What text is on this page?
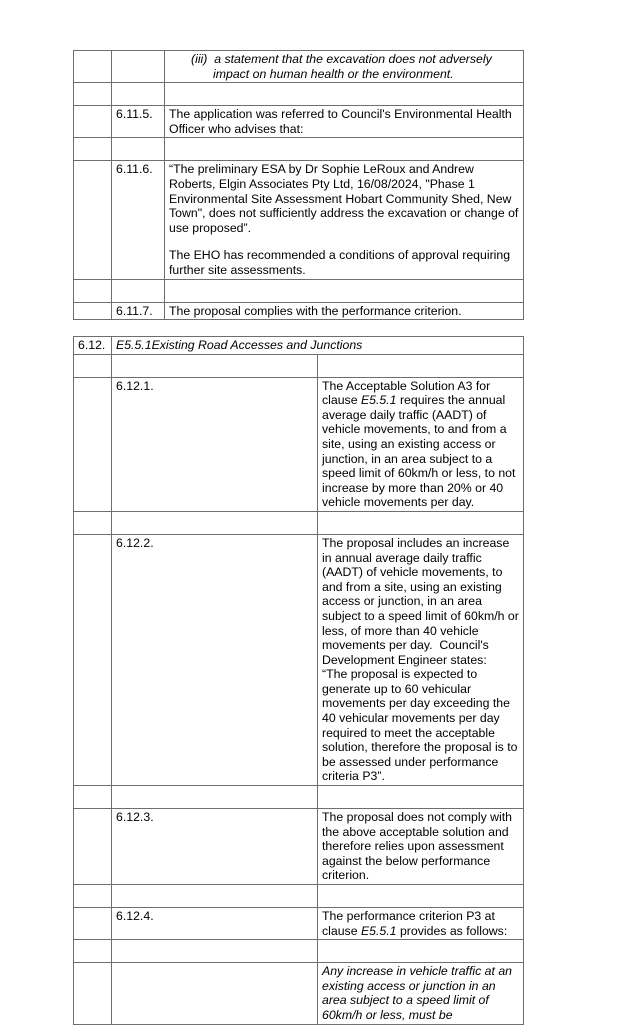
		(iii) a statement that the excavation does not adversely impact on human health or the environment.

	6.11.5.	The application was referred to Council's Environmental Health Officer who advises that:

	6.11.6.	“The preliminary ESA by Dr Sophie LeRoux and Andrew Roberts, Elgin Associates Pty Ltd, 16/08/2024, "Phase 1 Environmental Site Assessment Hobart Community Shed, New Town", does not sufficiently address the excavation or change of use proposed”.
The EHO has recommended a conditions of approval requiring further site assessments.

	6.11.7.	The proposal complies with the performance criterion.
6.12.	E5.5.1Existing Road Accesses and Junctions	

	6.12.1.	The Acceptable Solution A3 for clause E5.5.1 requires the annual average daily traffic (AADT) of vehicle movements, to and from a site, using an existing access or junction, in an area subject to a speed limit of 60km/h or less, to not increase by more than 20% or 40 vehicle movements per day.

	6.12.2.	The proposal includes an increase in annual average daily traffic (AADT) of vehicle movements, to and from a site, using an existing access or junction, in an area subject to a speed limit of 60km/h or less, of more than 40 vehicle movements per day.  Council's Development Engineer states:
“The proposal is expected to generate up to 60 vehicular movements per day exceeding the 40 vehicular movements per day required to meet the acceptable solution, therefore the proposal is to be assessed under performance criteria P3”.

	6.12.3.	The proposal does not comply with the above acceptable solution and therefore relies upon assessment against the below performance criterion.

	6.12.4.	The performance criterion P3 at clause E5.5.1 provides as follows:

		Any increase in vehicle traffic at an existing access or junction in an area subject to a speed limit of 60km/h or less, must be
